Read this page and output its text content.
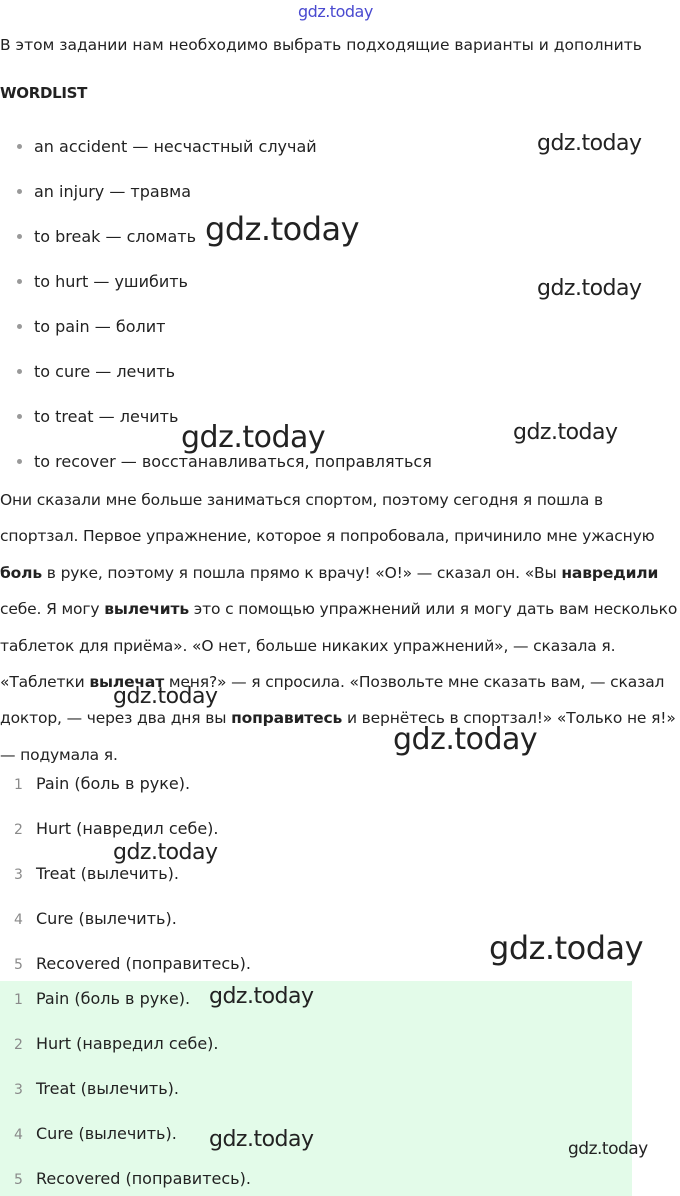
gdz.today
В этом задании нам необходимо выбрать подходящие варианты и дополнить
WORDLIST
an accident — несчастный случай
an injury — травма
to break — сломать
to hurt — ушибить
to pain — болит
to cure — лечить
to treat — лечить
to recover — восстанавливаться, поправляться
Они сказали мне больше заниматься спортом, поэтому сегодня я пошла в спортзал. Первое упражнение, которое я попробовала, причинило мне ужасную боль в руке, поэтому я пошла прямо к врачу! «О!» — сказал он. «Вы навредили себе. Я могу вылечить это с помощью упражнений или я могу дать вам несколько таблеток для приёма». «О нет, больше никаких упражнений», — сказала я. «Таблетки вылечат меня?» — я спросила. «Позвольте мне сказать вам, — сказал доктор, — через два дня вы поправитесь и вернётесь в спортзал!» «Только не я!» — подумала я.
1 Pain (боль в руке).
2 Hurt (навредил себе).
3 Treat (вылечить).
4 Cure (вылечить).
5 Recovered (поправитесь).
1 Pain (боль в руке).
2 Hurt (навредил себе).
3 Treat (вылечить).
4 Cure (вылечить).
5 Recovered (поправитесь).
gdz.today
gdz.today
gdz.today
gdz.today	gdz.today
gdz.today
gdz.today
gdz.today
gdz.today
gdz.today
gdz.today	gdz.today
